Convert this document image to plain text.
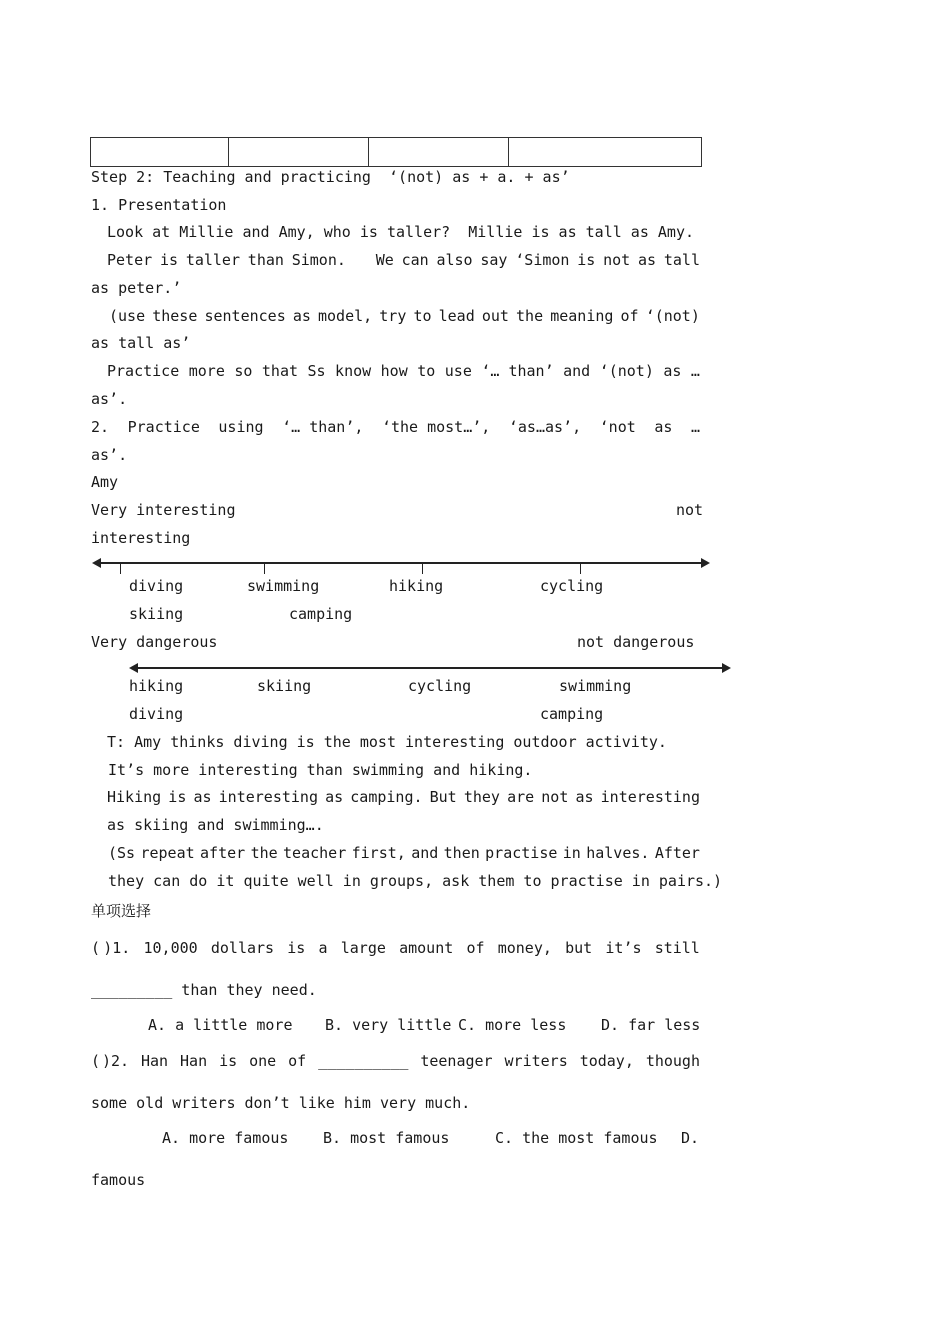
Step 2: Teaching and practicing  ‘(not) as + a. + as’
1. Presentation
Look at Millie and Amy, who is taller?  Millie is as tall as Amy.
Peter is taller than Simon.	We can also say ‘Simon is not as tall
as peter.’
(use these sentences as model, try to lead out the meaning of ‘(not)
as tall as’
Practice more so that Ss know how to use ‘… than’ and ‘(not) as …
as’.
2. Practice using ‘… than’, ‘the most…’, ‘as…as’, ‘not as …
as’.
Amy
Very interesting	not
interesting
diving	swimming	hiking	cycling
skiing	camping
Very dangerous	not dangerous
hiking	skiing	cycling	swimming
diving	camping
T: Amy thinks diving is the most interesting outdoor activity.
It’s more interesting than swimming and hiking.
Hiking is as interesting as camping. But they are not as interesting
as skiing and swimming….
(Ss repeat after the teacher first, and then practise in halves. After
they can do it quite well in groups, ask them to practise in pairs.)
单项选择
( )1. 10,000 dollars is a large amount of money, but it’s still
_________ than they need.
A. a little more B. very little C. more less D. far less
( )2. Han Han is one of __________ teenager writers today, though
some old writers don’t like him very much.
A. more famous B. most famous	C. the most famous D.
famous
